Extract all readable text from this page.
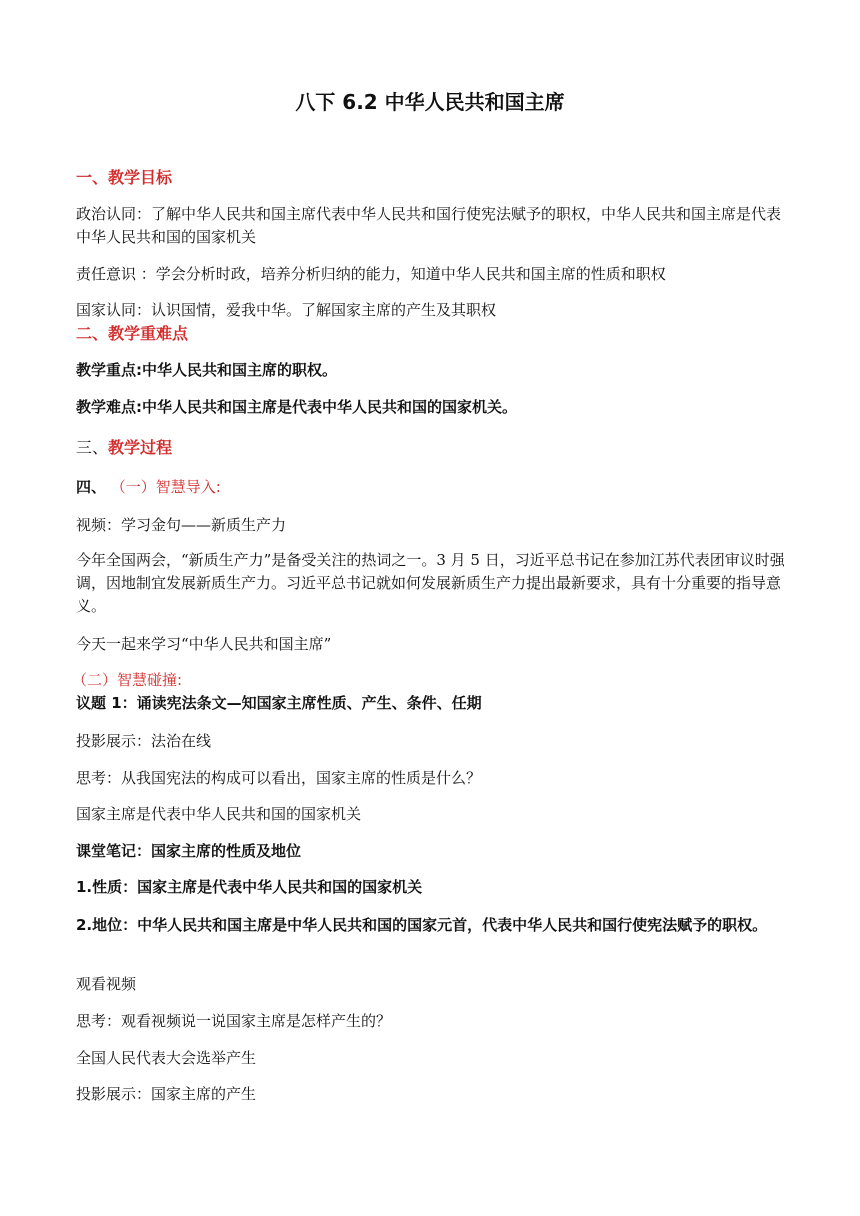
八下 6.2 中华人民共和国主席
一、教学目标
政治认同：了解中华人民共和国主席代表中华人民共和国行使宪法赋予的职权，中华人民共和国主席是代表中华人民共和国的国家机关
责任意识 ：学会分析时政，培养分析归纳的能力，知道中华人民共和国主席的性质和职权
国家认同：认识国情，爱我中华。了解国家主席的产生及其职权
二、教学重难点
教学重点:中华人民共和国主席的职权。
教学难点:中华人民共和国主席是代表中华人民共和国的国家机关。
三、教学过程
四、 （一）智慧导入:
视频：学习金句——新质生产力
今年全国两会，“新质生产力”是备受关注的热词之一。3 月 5 日，习近平总书记在参加江苏代表团审议时强调，因地制宜发展新质生产力。习近平总书记就如何发展新质生产力提出最新要求，具有十分重要的指导意义。
今天一起来学习“中华人民共和国主席”
（二）智慧碰撞:
议题 1：诵读宪法条文—知国家主席性质、产生、条件、任期
投影展示：法治在线
思考：从我国宪法的构成可以看出，国家主席的性质是什么？
国家主席是代表中华人民共和国的国家机关
课堂笔记：国家主席的性质及地位
1.性质：国家主席是代表中华人民共和国的国家机关
2.地位：中华人民共和国主席是中华人民共和国的国家元首，代表中华人民共和国行使宪法赋予的职权。
观看视频
思考：观看视频说一说国家主席是怎样产生的？
全国人民代表大会选举产生
投影展示：国家主席的产生
